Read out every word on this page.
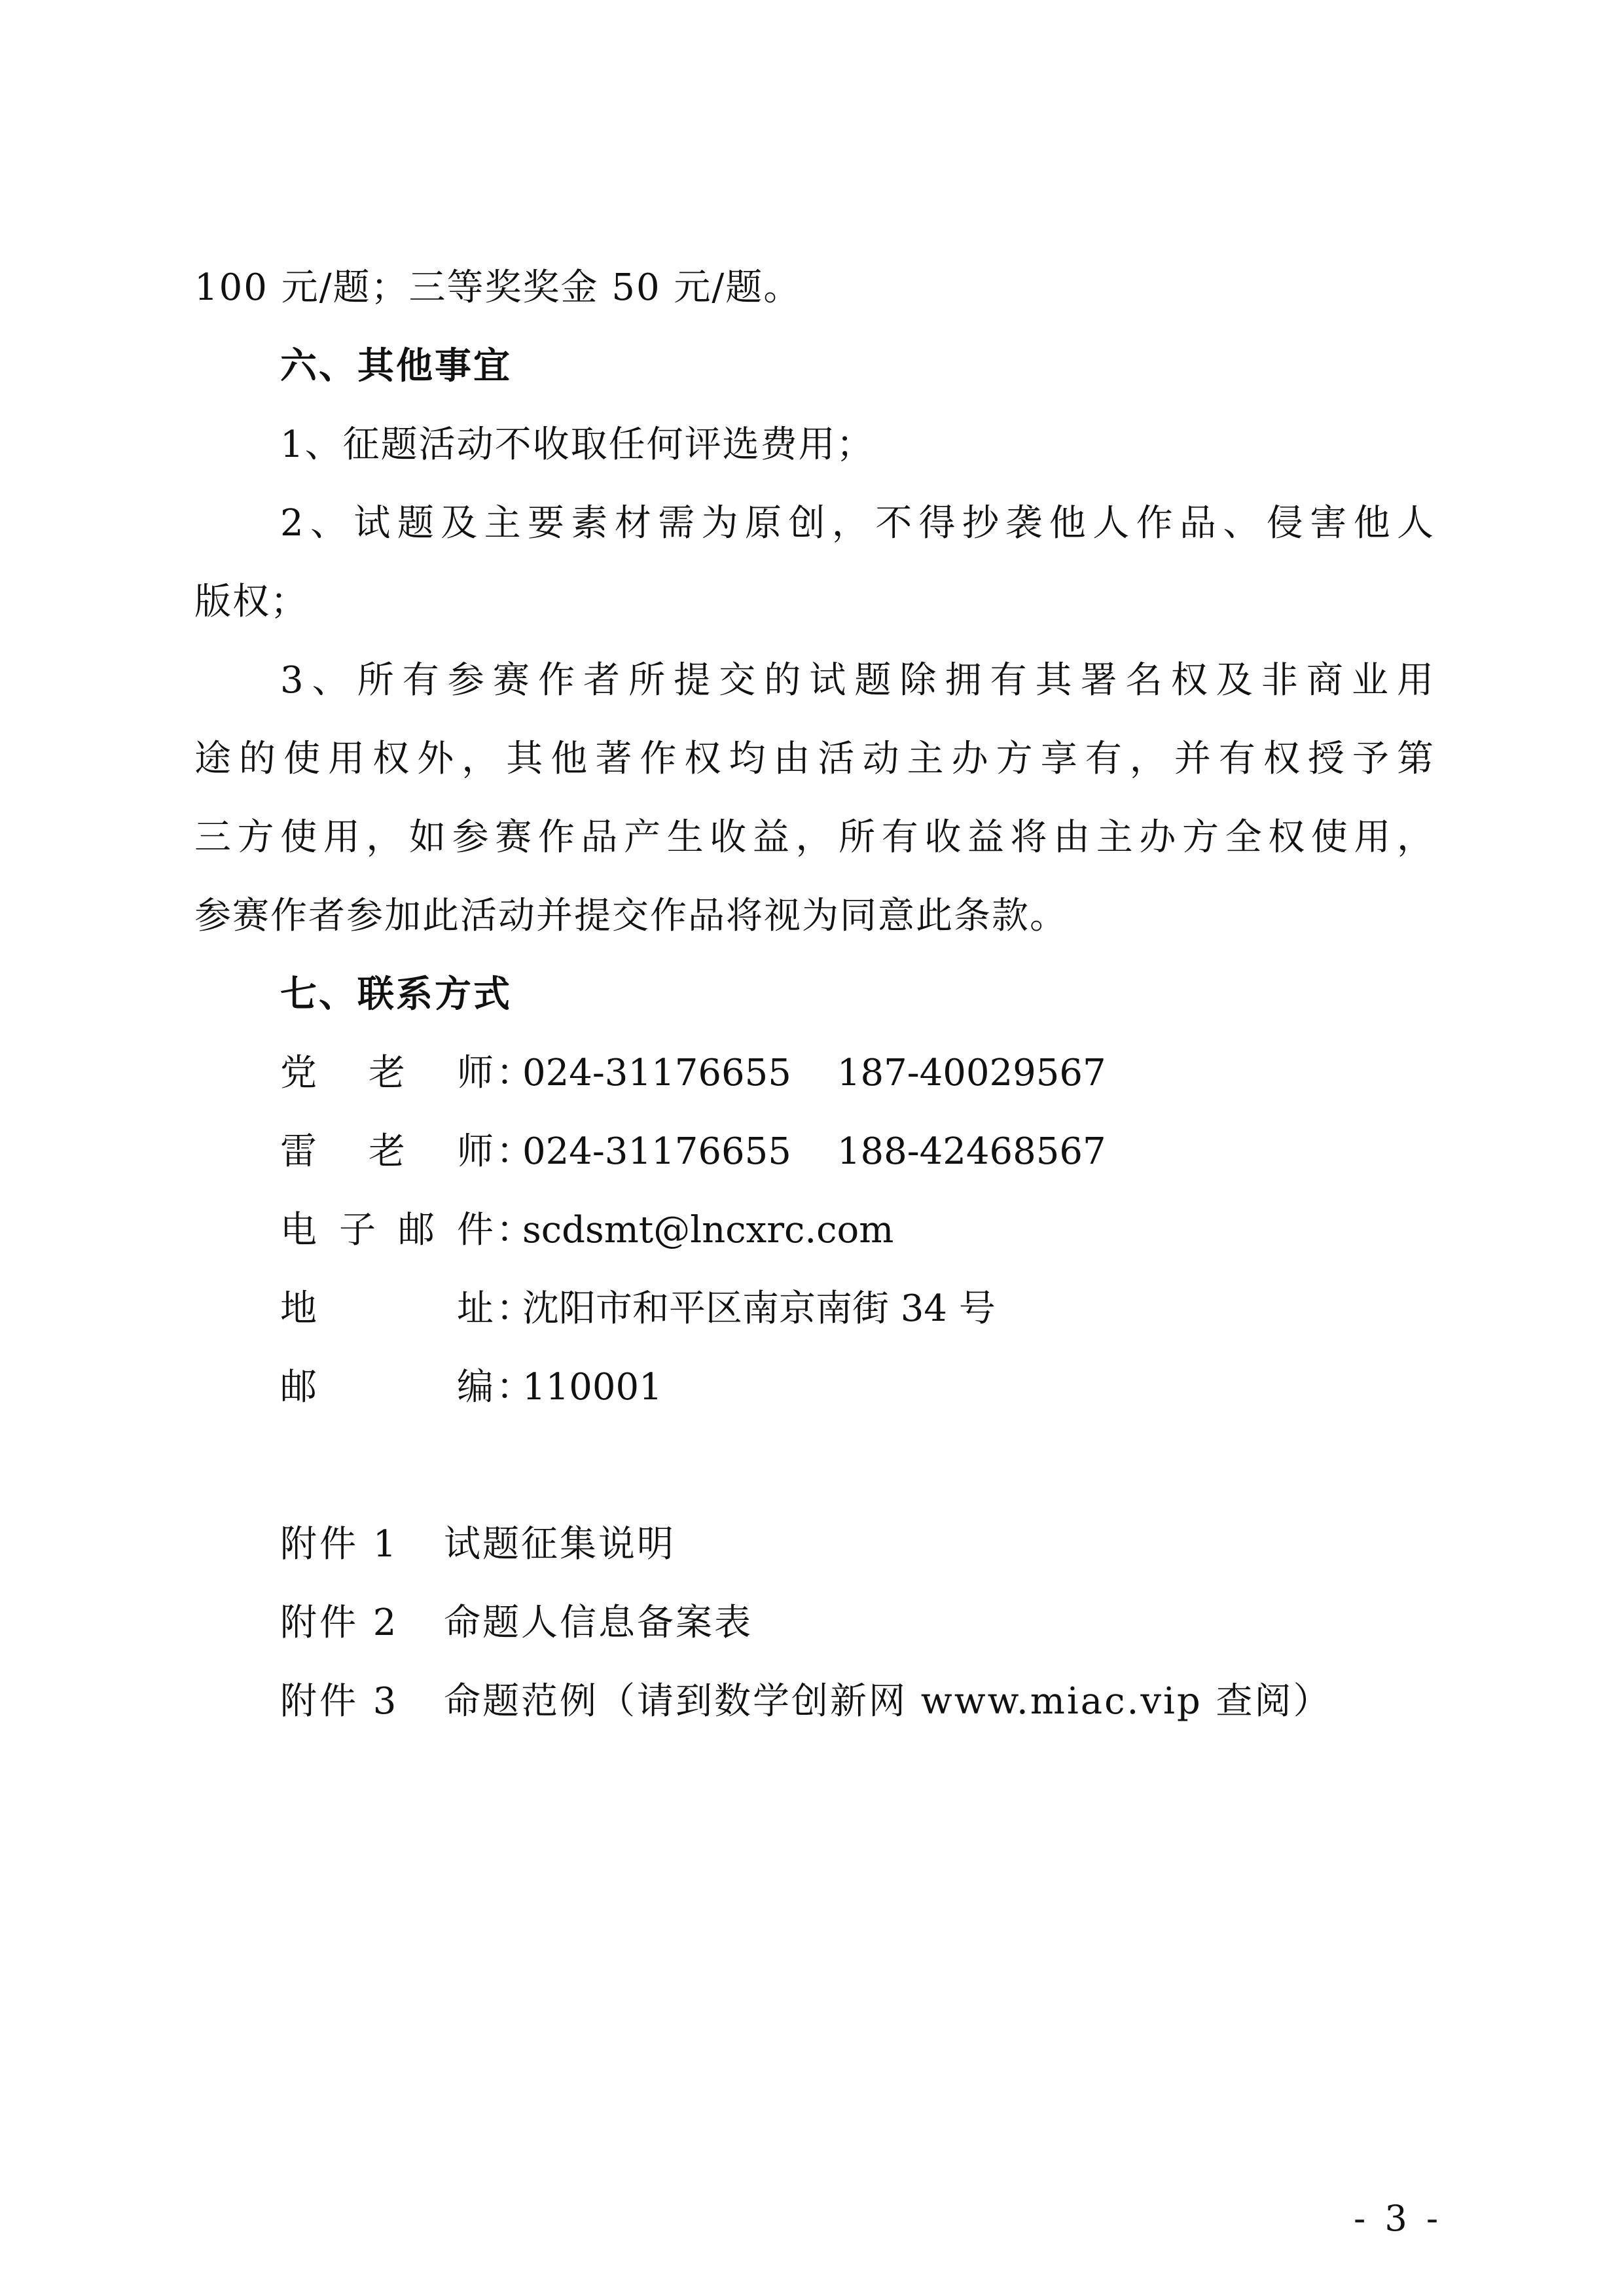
100 元/题；三等奖奖金 50 元/题。
六、其他事宜
1、征题活动不收取任何评选费用；
2、试题及主要素材需为原创，不得抄袭他人作品、侵害他人
版权；
3、所有参赛作者所提交的试题除拥有其署名权及非商业用
途的使用权外，其他著作权均由活动主办方享有，并有权授予第
三方使用，如参赛作品产生收益，所有收益将由主办方全权使用，
参赛作者参加此活动并提交作品将视为同意此条款。
七、联系方式
党老师：024-31176655 187-40029567
雷老师：024-31176655 188-42468567
电子邮件：scdsmt@lncxrc.com
地址：沈阳市和平区南京南街 34 号
邮编：110001
附件 1 试题征集说明
附件 2 命题人信息备案表
附件 3 命题范例（请到数学创新网 www.miac.vip 查阅）
- 3 -
